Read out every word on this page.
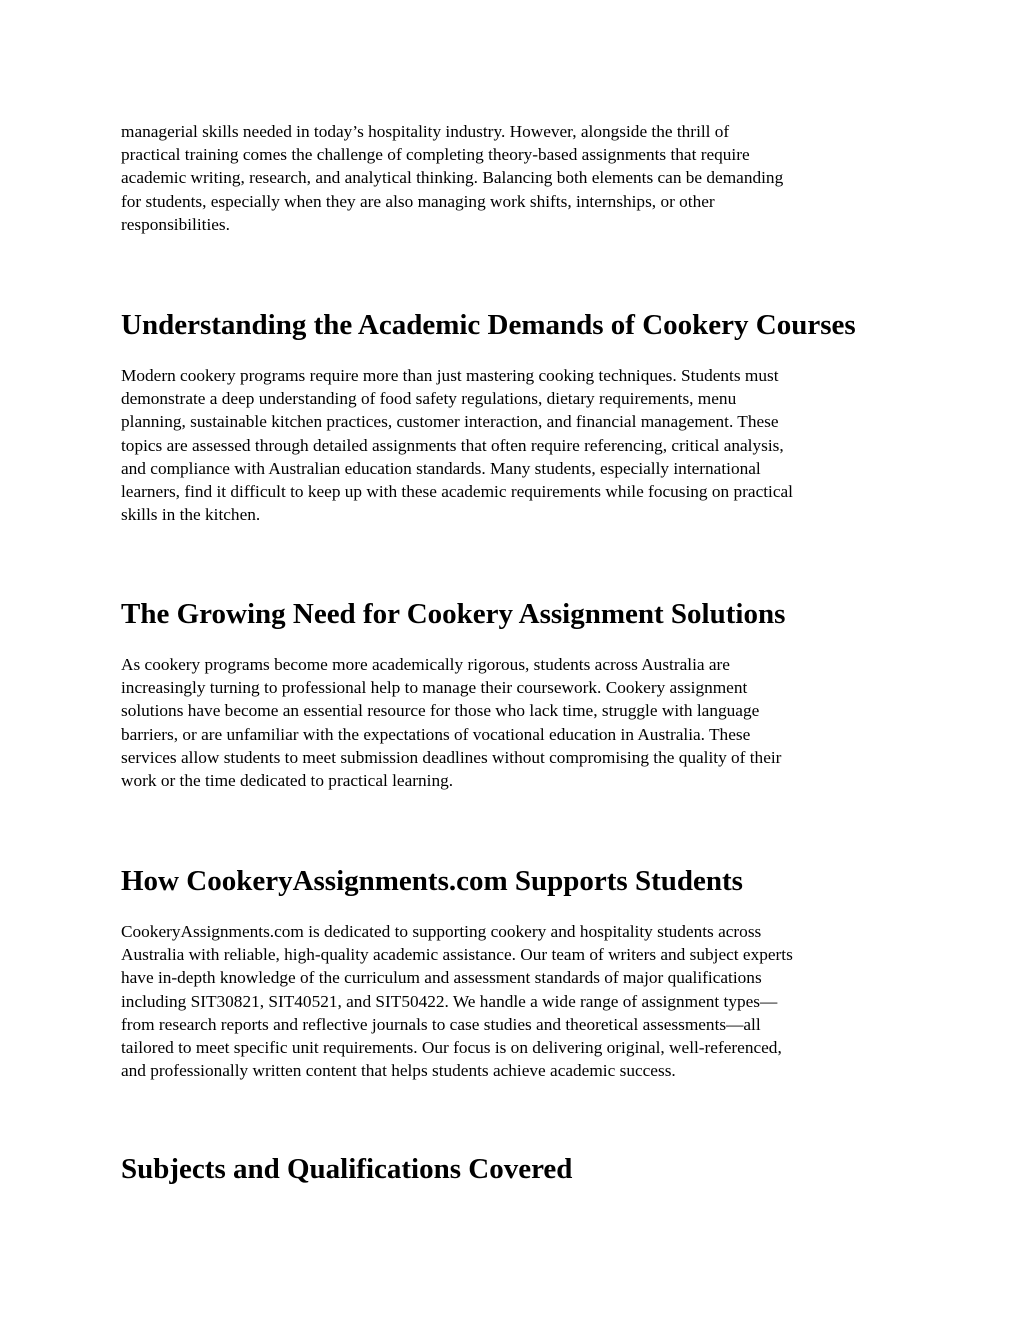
managerial skills needed in today’s hospitality industry. However, alongside the thrill of
practical training comes the challenge of completing theory-based assignments that require
academic writing, research, and analytical thinking. Balancing both elements can be demanding
for students, especially when they are also managing work shifts, internships, or other
responsibilities.

Understanding the Academic Demands of Cookery Courses

Modern cookery programs require more than just mastering cooking techniques. Students must
demonstrate a deep understanding of food safety regulations, dietary requirements, menu
planning, sustainable kitchen practices, customer interaction, and financial management. These
topics are assessed through detailed assignments that often require referencing, critical analysis,
and compliance with Australian education standards. Many students, especially international
learners, find it difficult to keep up with these academic requirements while focusing on practical
skills in the kitchen.

The Growing Need for Cookery Assignment Solutions

As cookery programs become more academically rigorous, students across Australia are
increasingly turning to professional help to manage their coursework. Cookery assignment
solutions have become an essential resource for those who lack time, struggle with language
barriers, or are unfamiliar with the expectations of vocational education in Australia. These
services allow students to meet submission deadlines without compromising the quality of their
work or the time dedicated to practical learning.

How CookeryAssignments.com Supports Students

CookeryAssignments.com is dedicated to supporting cookery and hospitality students across
Australia with reliable, high-quality academic assistance. Our team of writers and subject experts
have in-depth knowledge of the curriculum and assessment standards of major qualifications
including SIT30821, SIT40521, and SIT50422. We handle a wide range of assignment types—
from research reports and reflective journals to case studies and theoretical assessments—all
tailored to meet specific unit requirements. Our focus is on delivering original, well-referenced,
and professionally written content that helps students achieve academic success.

Subjects and Qualifications Covered
